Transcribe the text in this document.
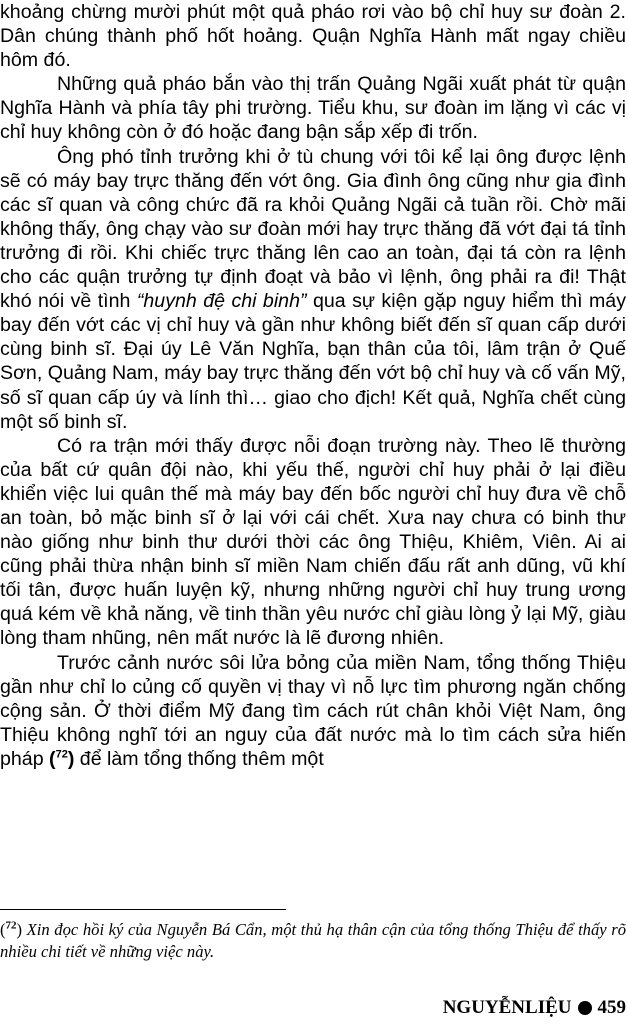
khoảng chừng mười phút một quả pháo rơi vào bộ chỉ huy sư đoàn 2. Dân chúng thành phố hốt hoảng. Quận Nghĩa Hành mất ngay chiều hôm đó.

Những quả pháo bắn vào thị trấn Quảng Ngãi xuất phát từ quận Nghĩa Hành và phía tây phi trường. Tiểu khu, sư đoàn im lặng vì các vị chỉ huy không còn ở đó hoặc đang bận sắp xếp đi trốn.

Ông phó tỉnh trưởng khi ở tù chung với tôi kể lại ông được lệnh sẽ có máy bay trực thăng đến vớt ông. Gia đình ông cũng như gia đình các sĩ quan và công chức đã ra khỏi Quảng Ngãi cả tuần rồi. Chờ mãi không thấy, ông chạy vào sư đoàn mới hay trực thăng đã vớt đại tá tỉnh trưởng đi rồi. Khi chiếc trực thăng lên cao an toàn, đại tá còn ra lệnh cho các quận trưởng tự định đoạt và bảo vì lệnh, ông phải ra đi! Thật khó nói về tình “huynh đệ chi binh” qua sự kiện gặp nguy hiểm thì máy bay đến vớt các vị chỉ huy và gần như không biết đến sĩ quan cấp dưới cùng binh sĩ. Đại úy Lê Văn Nghĩa, bạn thân của tôi, lâm trận ở Quế Sơn, Quảng Nam, máy bay trực thăng đến vớt bộ chỉ huy và cố vấn Mỹ, số sĩ quan cấp úy và lính thì… giao cho địch! Kết quả, Nghĩa chết cùng một số binh sĩ.

Có ra trận mới thấy được nỗi đoạn trường này. Theo lẽ thường của bất cứ quân đội nào, khi yếu thế, người chỉ huy phải ở lại điều khiển việc lui quân thế mà máy bay đến bốc người chỉ huy đưa về chỗ an toàn, bỏ mặc binh sĩ ở lại với cái chết. Xưa nay chưa có binh thư nào giống như binh thư dưới thời các ông Thiệu, Khiêm, Viên. Ai ai cũng phải thừa nhận binh sĩ miền Nam chiến đấu rất anh dũng, vũ khí tối tân, được huấn luyện kỹ, nhưng những người chỉ huy trung ương quá kém về khả năng, về tinh thần yêu nước chỉ giàu lòng ỷ lại Mỹ, giàu lòng tham nhũng, nên mất nước là lẽ đương nhiên.

Trước cảnh nước sôi lửa bỏng của miền Nam, tổng thống Thiệu gần như chỉ lo củng cố quyền vị thay vì nỗ lực tìm phương ngăn chống cộng sản. Ở thời điểm Mỹ đang tìm cách rút chân khỏi Việt Nam, ông Thiệu không nghĩ tới an nguy của đất nước mà lo tìm cách sửa hiến pháp ($^{72}$) để làm tổng thống thêm một

($^{72}$) Xin đọc hồi ký của Nguyễn Bá Cẩn, một thủ hạ thân cận của tổng thống Thiệu để thấy rõ nhiều chi tiết về những việc này.
NGUYỄNLIỆU 459
